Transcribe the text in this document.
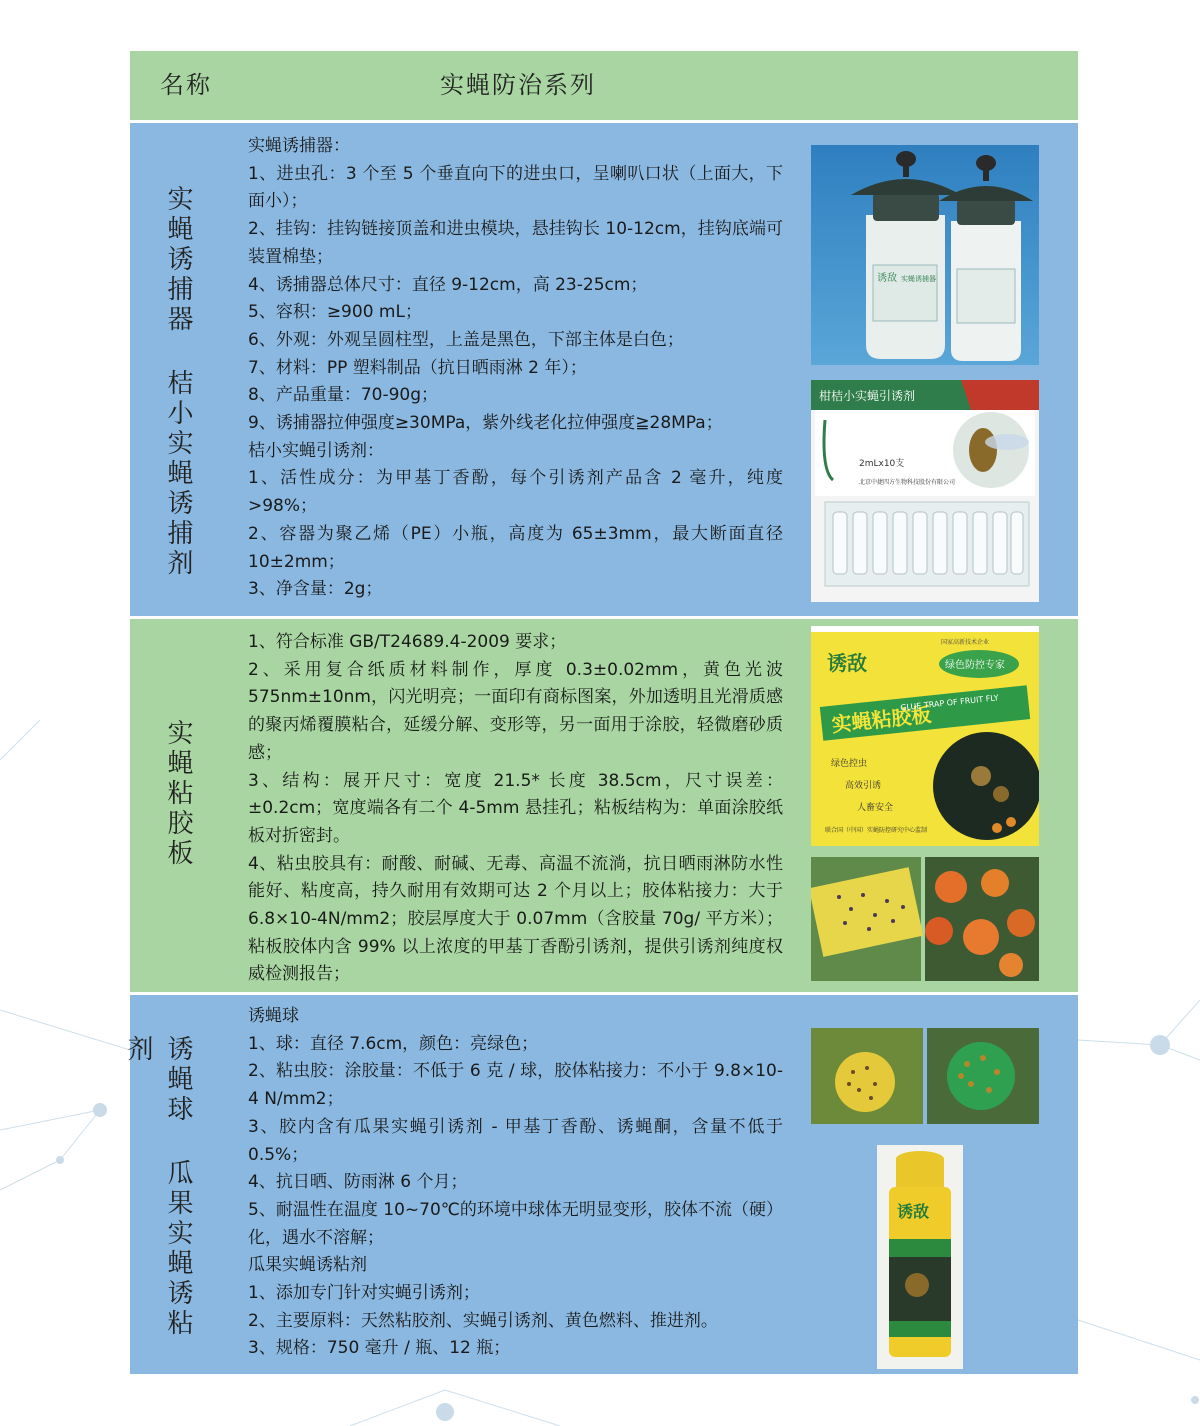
名称	实蝇防治系列
实蝇诱捕器 桔小实蝇诱捕剂

实蝇诱捕器：

1、进虫孔：3 个至 5 个垂直向下的进虫口，呈喇叭口状（上面大，下面小）；

2、挂钩：挂钩链接顶盖和进虫模块，悬挂钩长 10-12cm，挂钩底端可装置棉垫；

4、诱捕器总体尺寸：直径 9-12cm，高 23-25cm；

5、容积：≥900 mL；

6、外观：外观呈圆柱型，上盖是黑色，下部主体是白色；

7、材料：PP 塑料制品（抗日晒雨淋 2 年）；

8、产品重量：70-90g；

9、诱捕器拉伸强度≥30MPa，紫外线老化拉伸强度≧28MPa；

桔小实蝇引诱剂：

1、活性成分：为甲基丁香酚，每个引诱剂产品含 2 毫升，纯度 >98%；

2、容器为聚乙烯（PE）小瓶，高度为 65±3mm，最大断面直径 10±2mm；

3、净含量：2g；

诱敌 实蝇诱捕器
柑桔小实蝇引诱剂
2mLx10支
北京中捷四方生物科技股份有限公司
实蝇粘胶板

1、符合标准 GB/T24689.4-2009 要求；

2、采用复合纸质材料制作，厚度 0.3±0.02mm，黄色光波 575nm±10nm，闪光明亮；一面印有商标图案，外加透明且光滑质感的聚丙烯覆膜粘合，延缓分解、变形等，另一面用于涂胶，轻微磨砂质感；

3、结构：展开尺寸：宽度 21.5* 长度 38.5cm，尺寸误差：±0.2cm；宽度端各有二个 4-5mm 悬挂孔；粘板结构为：单面涂胶纸板对折密封。

4、粘虫胶具有：耐酸、耐碱、无毒、高温不流淌，抗日晒雨淋防水性能好、粘度高，持久耐用有效期可达 2 个月以上；胶体粘接力：大于6.8×10-4N/mm2；胶层厚度大于 0.07mm（含胶量 70g/ 平方米）；粘板胶体内含 99% 以上浓度的甲基丁香酚引诱剂，提供引诱剂纯度权威检测报告；

国家高新技术企业
诱敌	绿色防控专家
实蝇粘胶板
GLUE TRAP OF FRUIT FLY
绿色控虫
高效引诱
人畜安全
联合国（中国）实蝇防控研究中心监制
诱蝇球 瓜果实蝇诱粘剂

诱蝇球

1、球：直径 7.6cm，颜色：亮绿色；

2、粘虫胶：涂胶量：不低于 6 克 / 球，胶体粘接力：不小于 9.8×10-4 N/mm2；

3、胶内含有瓜果实蝇引诱剂 - 甲基丁香酚、诱蝇酮，含量不低于 0.5%；

4、抗日晒、防雨淋 6 个月；

5、耐温性在温度 10~70℃的环境中球体无明显变形，胶体不流（硬）化，遇水不溶解；

瓜果实蝇诱粘剂

1、添加专门针对实蝇引诱剂；

2、主要原料：天然粘胶剂、实蝇引诱剂、黄色燃料、推进剂。

3、规格：750 毫升 / 瓶、12 瓶；

诱敌
